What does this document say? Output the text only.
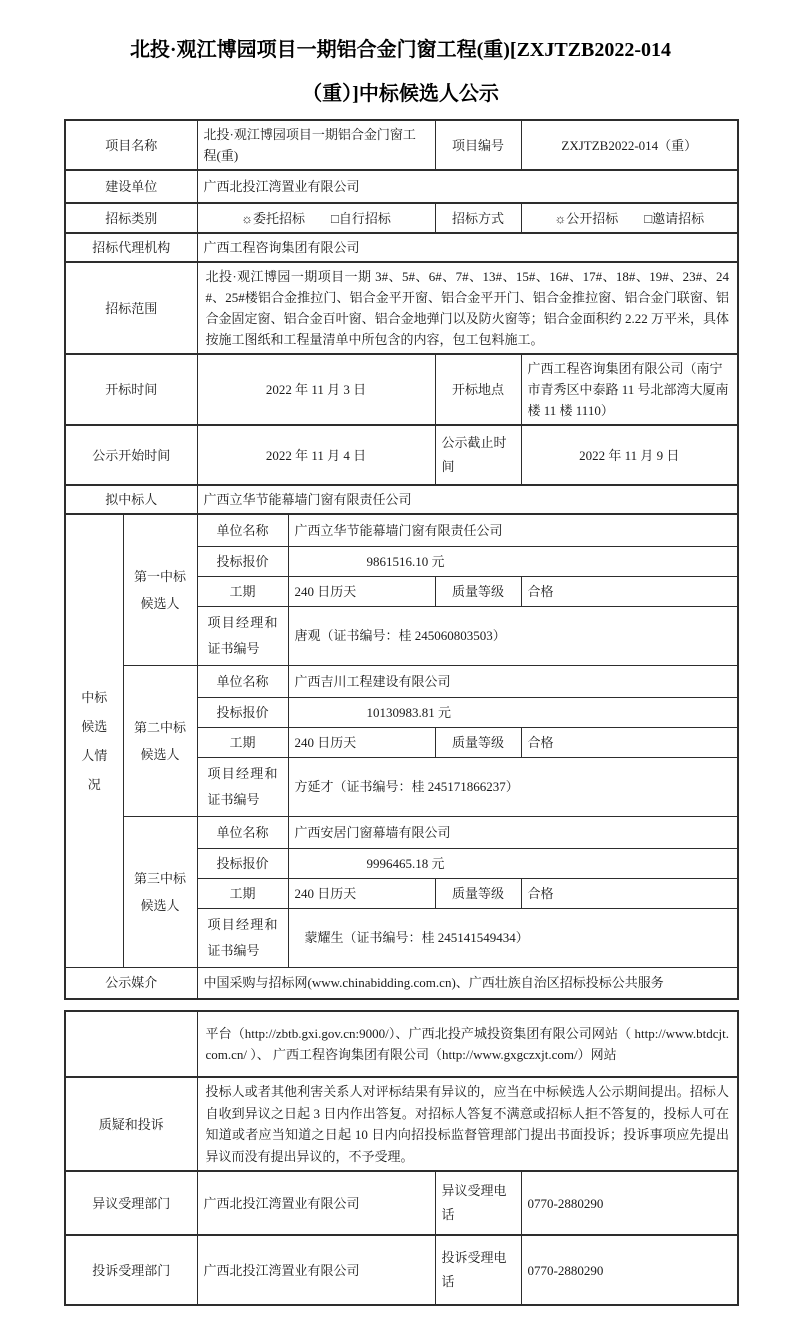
北投·观江博园项目一期铝合金门窗工程(重)[ZXJTZB2022-014
（重）]中标候选人公示
项目名称		北投·观江博园项目一期铝合金门窗工程(重)		项目编号	ZXJTZB2022-014（重）
建设单位		广西北投江湾置业有限公司			
招标类别		☼委托招标　　□自行招标		招标方式	☼公开招标　　□邀请招标
招标代理机构		广西工程咨询集团有限公司			
招标范围		北投·观江博园一期项目一期 3#、5#、6#、7#、13#、15#、16#、17#、18#、19#、23#、24#、25#楼铝合金推拉门、铝合金平开窗、铝合金平开门、铝合金推拉窗、铝合金门联窗、铝合金固定窗、铝合金百叶窗、铝合金地弹门以及防火窗等；铝合金面积约 2.22 万平米，具体按施工图纸和工程量清单中所包含的内容，包工包料施工。			
开标时间		2022 年 11 月 3 日		开标地点	广西工程咨询集团有限公司（南宁市青秀区中泰路 11 号北部湾大厦南楼 11 楼 1110）
公示开始时间		2022 年 11 月 4 日		公示截止时间	2022 年 11 月 9 日
拟中标人		广西立华节能幕墙门窗有限责任公司			
中标候选人情况	第一中标候选人	单位名称	广西立华节能幕墙门窗有限责任公司		
		投标报价	9861516.10 元		
		工期	240 日历天	质量等级	合格
		项目经理和证书编号	唐观（证书编号：桂 245060803503）		
	第二中标候选人	单位名称	广西吉川工程建设有限公司		
		投标报价	10130983.81 元		
		工期	240 日历天	质量等级	合格
		项目经理和证书编号	方延才（证书编号：桂 245171866237）		
	第三中标候选人	单位名称	广西安居门窗幕墙有限公司		
		投标报价	9996465.18 元		
		工期	240 日历天	质量等级	合格
		项目经理和证书编号	蒙耀生（证书编号：桂 245141549434）		
公示媒介		中国采购与招标网(www.chinabidding.com.cn)、广西壮族自治区招标投标公共服务			
	平台（http://zbtb.gxi.gov.cn:9000/）、广西北投产城投资集团有限公司网站（ http://www.btdcjt.com.cn/ ）、 广西工程咨询集团有限公司（http://www.gxgczxjt.com/）网站		
质疑和投诉	投标人或者其他利害关系人对评标结果有异议的，应当在中标候选人公示期间提出。招标人自收到异议之日起 3 日内作出答复。对招标人答复不满意或招标人拒不答复的，投标人可在知道或者应当知道之日起 10 日内向招投标监督管理部门提出书面投诉；投诉事项应先提出异议而没有提出异议的，不予受理。		
异议受理部门	广西北投江湾置业有限公司	异议受理电话	0770-2880290
投诉受理部门	广西北投江湾置业有限公司	投诉受理电话	0770-2880290
